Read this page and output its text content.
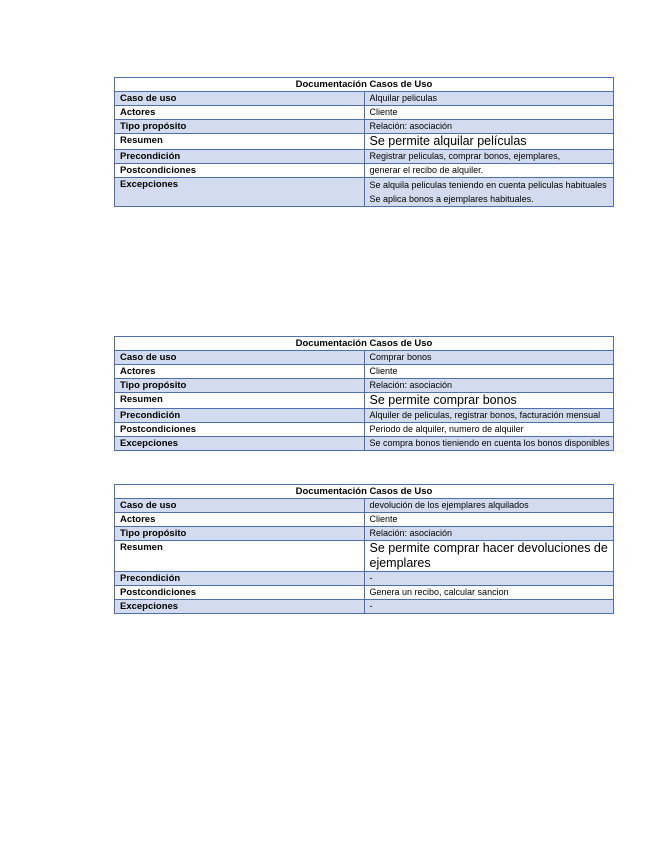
Documentación Casos de Uso	
Caso de uso	Alquilar peliculas
Actores	Cliente
Tipo propósito	Relación: asociación
Resumen	Se permite alquilar películas
Precondición	Registrar peliculas, comprar bonos, ejemplares,
Postcondiciones	generar el recibo de alquiler.
Excepciones	Se alquila peliculas teniendo en cuenta peliculas habituales
Se aplica bonos a ejemplares habituales.
Documentación Casos de Uso	
Caso de uso	Comprar bonos
Actores	Cliente
Tipo propósito	Relación: asociación
Resumen	Se permite comprar bonos
Precondición	Alquiler de peliculas, registrar bonos, facturación mensual
Postcondiciones	Periodo de alquiler, numero de alquiler
Excepciones	Se compra bonos tieniendo en cuenta los bonos disponibles
Documentación Casos de Uso	
Caso de uso	devolución de los ejemplares alquilados
Actores	Cliente
Tipo propósito	Relación: asociación
Resumen	Se permite comprar hacer devoluciones de ejemplares
Precondición	-
Postcondiciones	Genera un recibo, calcular sancion
Excepciones	-
